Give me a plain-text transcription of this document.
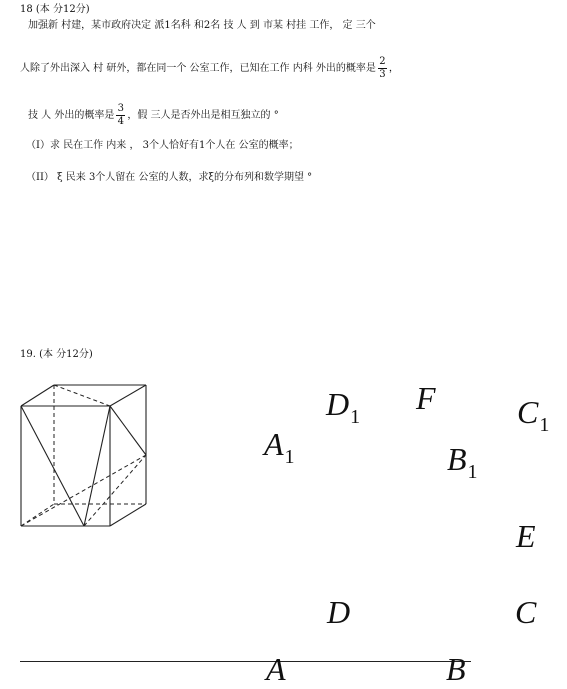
18 (本 分12分)
加强新 村建，某市政府决定 派1名科 和2名 技 人 到 市某 村挂 工作， 定 三个
人除了外出深入 村 研外，都在同一个 公室工作，已知在工作 内科 外出的概率是 $\frac{2}{3}$ ，
技 人 外出的概率是 $\frac{3}{4}$ ，假 三人是否外出是相互独立的 °
（I）求 民在工作 内来 ， 3个人恰好有1个人在 公室的概率；
（II） ξ 民来 3个人留在 公室的人数，求ξ的分布列和数学期望 °
19. (本 分12分)
$D_1$
F	$C_1$
$A_1$	$B_1$
E
D	C
A	B
